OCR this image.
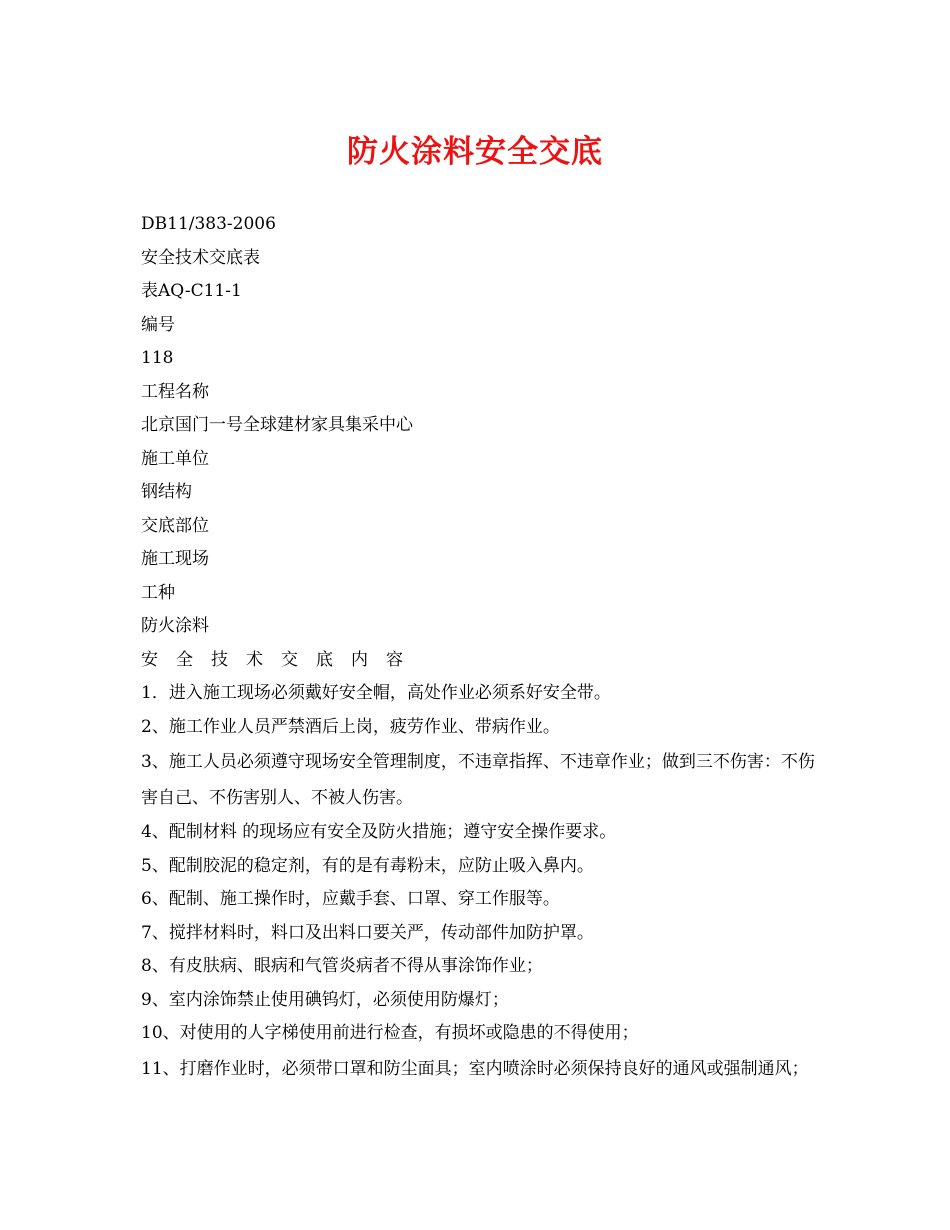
防火涂料安全交底
DB11/383-2006
安全技术交底表
表AQ-C11-1
编号
118
工程名称
北京国门一号全球建材家具集采中心
施工单位
钢结构
交底部位
施工现场
工种
防火涂料
安全技术交底内容
1．进入施工现场必须戴好安全帽，高处作业必须系好安全带。
2、施工作业人员严禁酒后上岗，疲劳作业、带病作业。
3、施工人员必须遵守现场安全管理制度，不违章指挥、不违章作业；做到三不伤害：不伤害自己、不伤害别人、不被人伤害。
4、配制材料 的现场应有安全及防火措施；遵守安全操作要求。
5、配制胶泥的稳定剂，有的是有毒粉末，应防止吸入鼻内。
6、配制、施工操作时，应戴手套、口罩、穿工作服等。
7、搅拌材料时，料口及出料口要关严，传动部件加防护罩。
8、有皮肤病、眼病和气管炎病者不得从事涂饰作业；
9、室内涂饰禁止使用碘钨灯，必须使用防爆灯；
10、对使用的人字梯使用前进行检查，有损坏或隐患的不得使用；
11、打磨作业时，必须带口罩和防尘面具；室内喷涂时必须保持良好的通风或强制通风；
